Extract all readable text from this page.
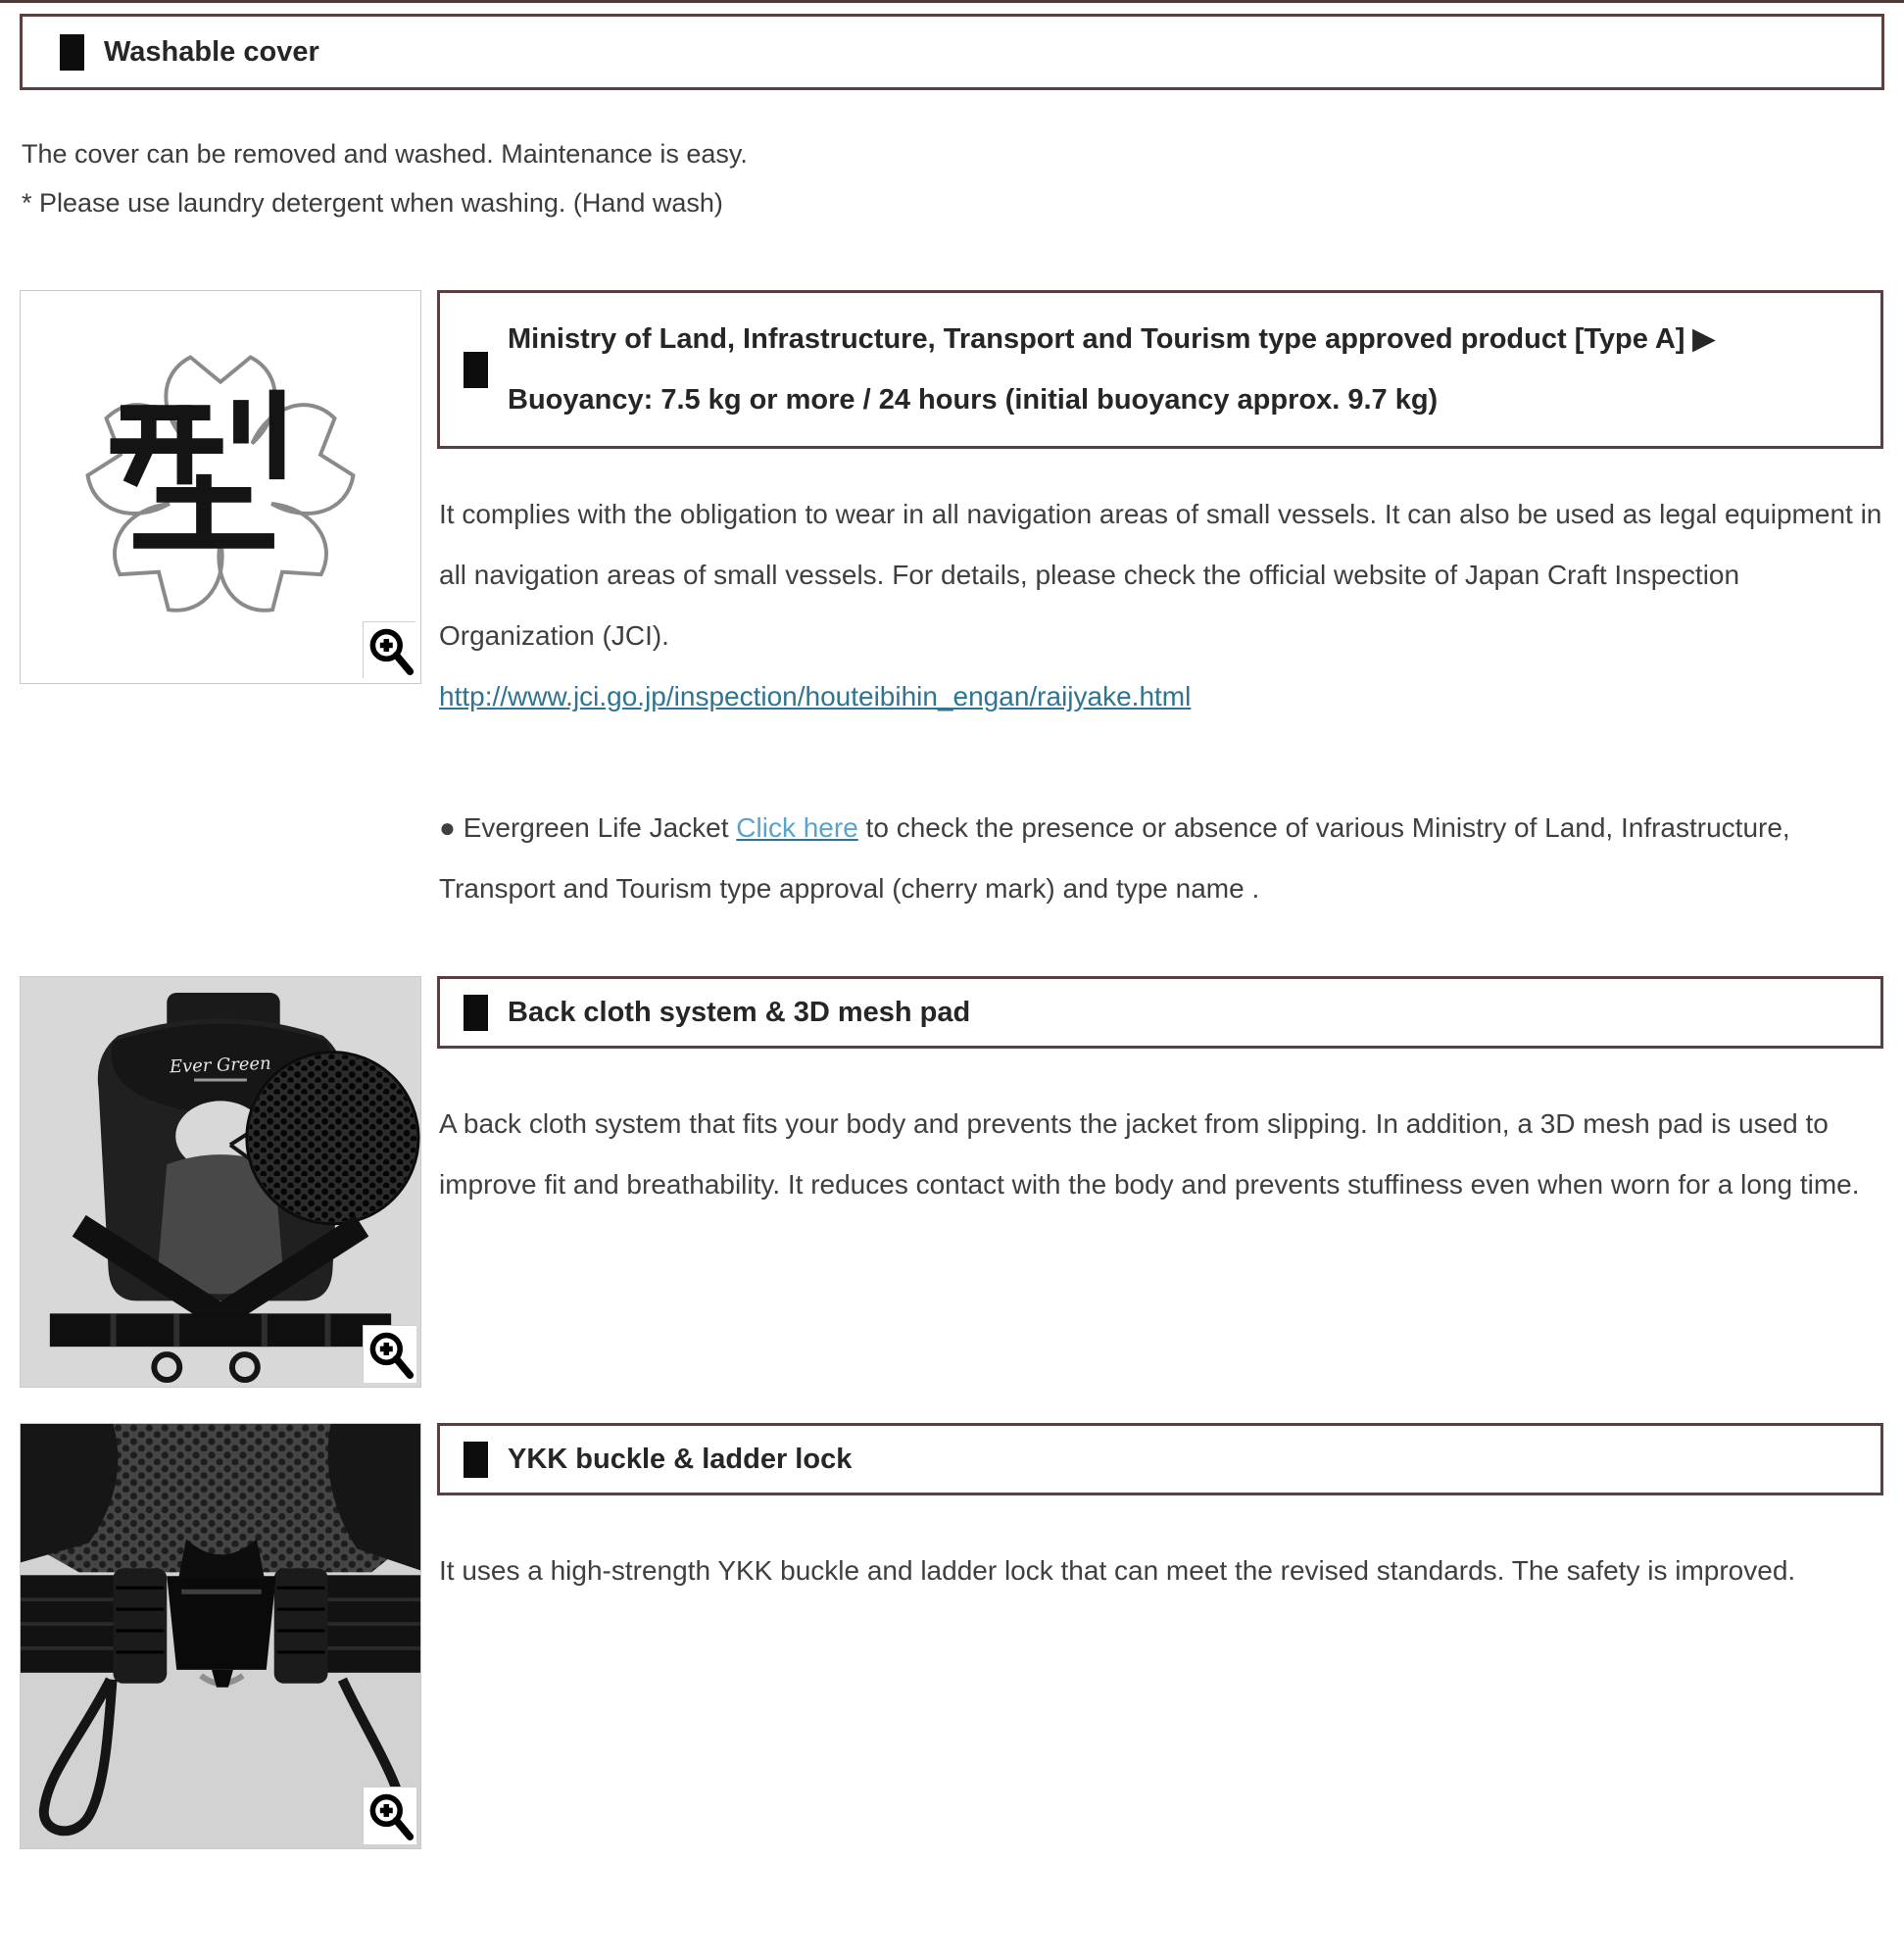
Washable cover

The cover can be removed and washed. Maintenance is easy.

* Please use laundry detergent when washing. (Hand wash)

Ministry of Land, Infrastructure, Transport and Tourism type approved product [Type A] ▶ Buoyancy: 7.5 kg or more / 24 hours (initial buoyancy approx. 9.7 kg)

It complies with the obligation to wear in all navigation areas of small vessels. It can also be used as legal equipment in all navigation areas of small vessels. For details, please check the official website of Japan Craft Inspection Organization (JCI).

http://www.jci.go.jp/inspection/houteibihin_engan/raijyake.html

● Evergreen Life Jacket Click here to check the presence or absence of various Ministry of Land, Infrastructure, Transport and Tourism type approval (cherry mark) and type name .

Ever Green
Back cloth system & 3D mesh pad

A back cloth system that fits your body and prevents the jacket from slipping. In addition, a 3D mesh pad is used to improve fit and breathability. It reduces contact with the body and prevents stuffiness even when worn for a long time.

YKK buckle & ladder lock

It uses a high-strength YKK buckle and ladder lock that can meet the revised standards. The safety is improved.
